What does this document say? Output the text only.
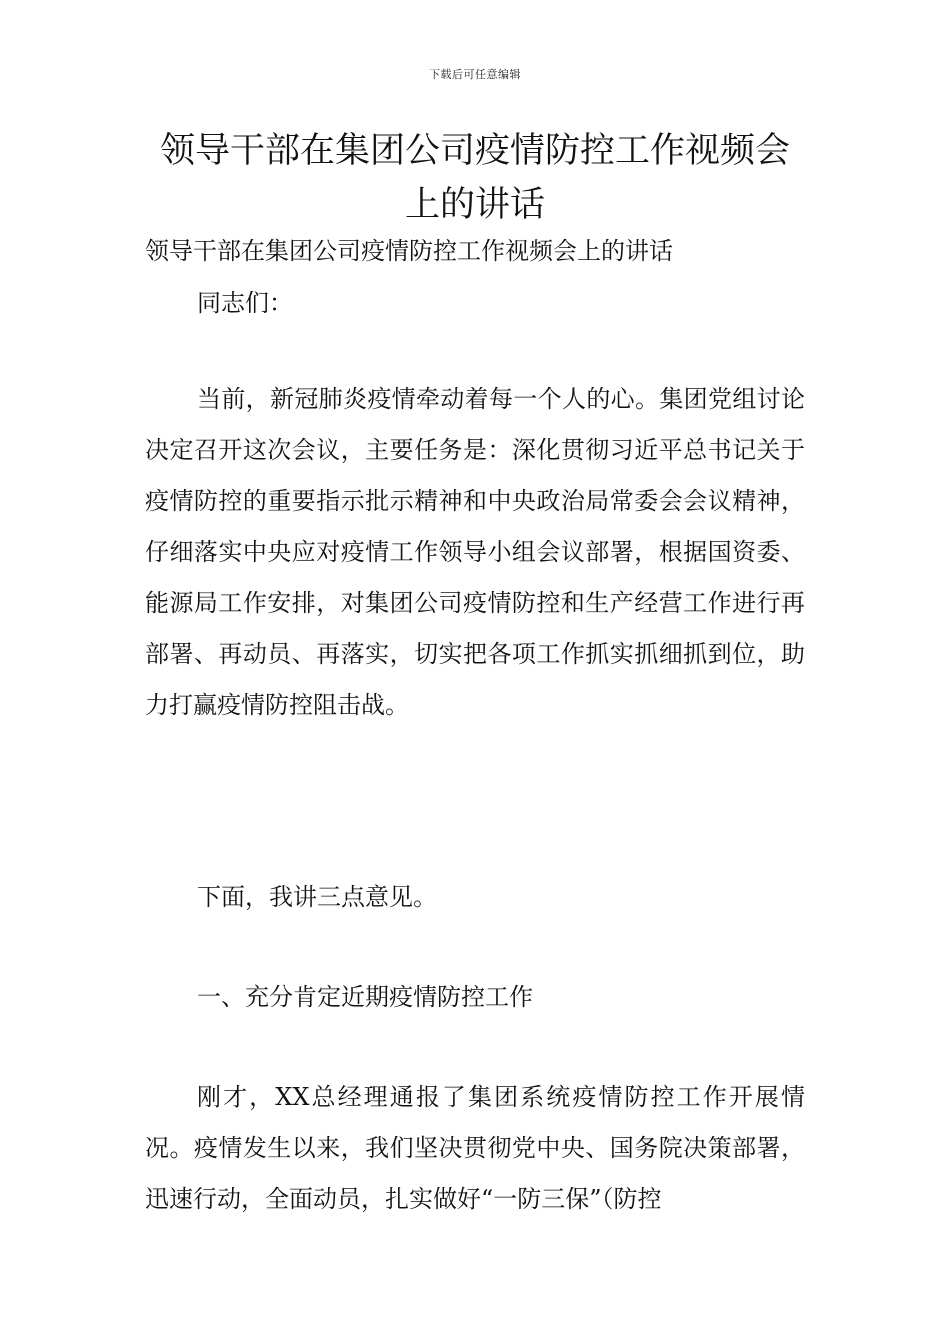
下载后可任意编辑
领导干部在集团公司疫情防控工作视频会上的讲话
领导干部在集团公司疫情防控工作视频会上的讲话
同志们：
当前，新冠肺炎疫情牵动着每一个人的心。集团党组讨论决定召开这次会议，主要任务是：深化贯彻习近平总书记关于疫情防控的重要指示批示精神和中央政治局常委会会议精神，仔细落实中央应对疫情工作领导小组会议部署，根据国资委、能源局工作安排，对集团公司疫情防控和生产经营工作进行再部署、再动员、再落实，切实把各项工作抓实抓细抓到位，助力打赢疫情防控阻击战。
下面，我讲三点意见。
一、充分肯定近期疫情防控工作
刚才，XX总经理通报了集团系统疫情防控工作开展情况。疫情发生以来，我们坚决贯彻党中央、国务院决策部署，迅速行动，全面动员，扎实做好“一防三保”（防控
